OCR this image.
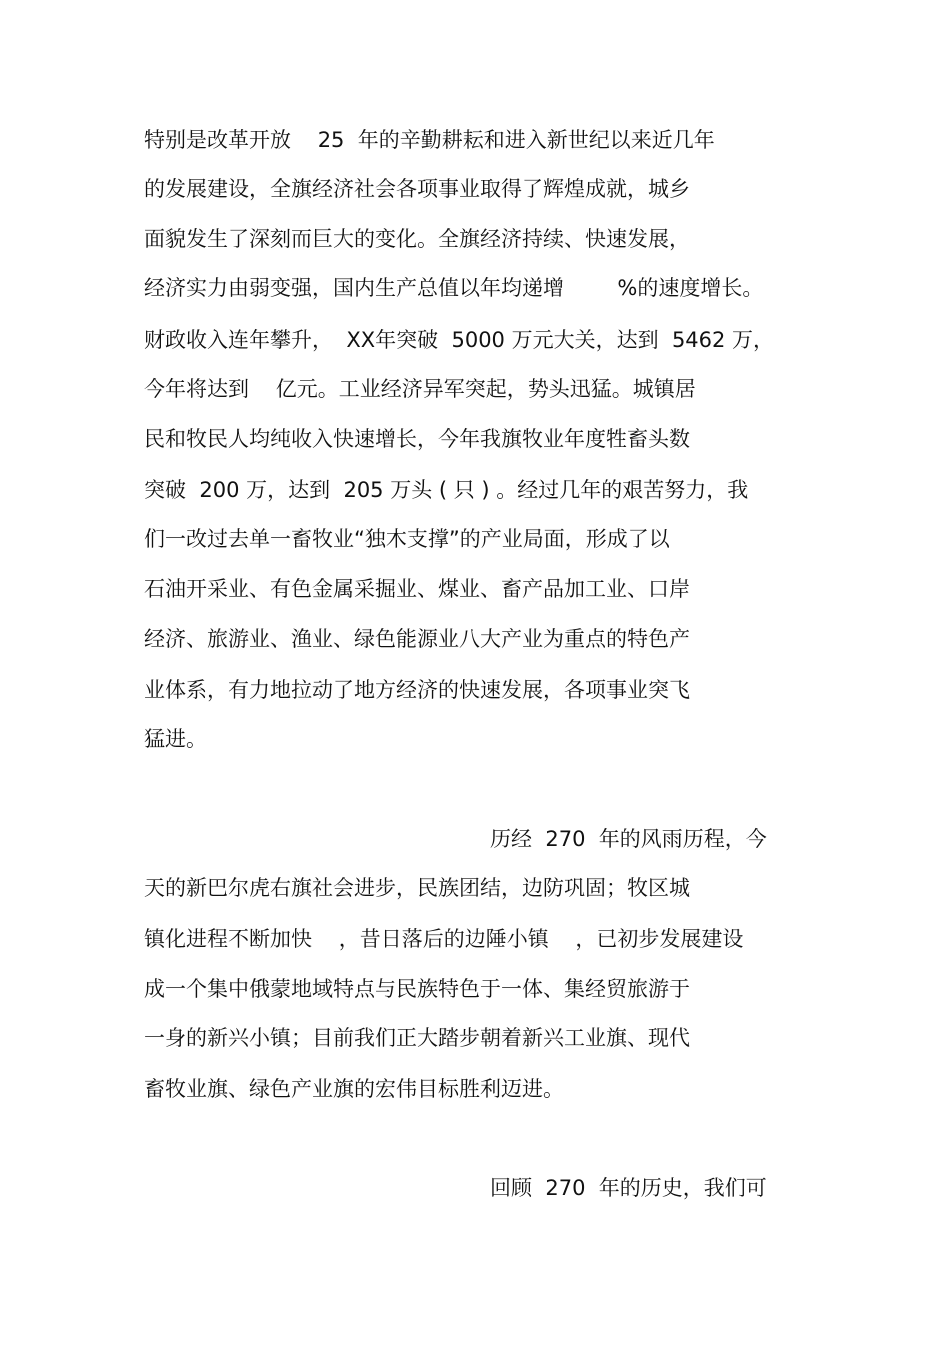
特别是改革开放    25  年的辛勤耕耘和进入新世纪以来近几年
的发展建设，全旗经济社会各项事业取得了辉煌成就，城乡
面貌发生了深刻而巨大的变化。全旗经济持续、快速发展，
经济实力由弱变强，国内生产总值以年均递增        %的速度增长。
财政收入连年攀升，  XX年突破  5000 万元大关，达到  5462 万，
今年将达到    亿元。工业经济异军突起，势头迅猛。城镇居
民和牧民人均纯收入快速增长，今年我旗牧业年度牲畜头数
突破  200 万，达到  205 万头 ( 只 ) 。经过几年的艰苦努力，我
们一改过去单一畜牧业“独木支撑”的产业局面，形成了以
石油开采业、有色金属采掘业、煤业、畜产品加工业、口岸
经济、旅游业、渔业、绿色能源业八大产业为重点的特色产
业体系，有力地拉动了地方经济的快速发展，各项事业突飞
猛进。
历经  270  年的风雨历程，今
天的新巴尔虎右旗社会进步，民族团结，边防巩固；牧区城
镇化进程不断加快    ，昔日落后的边陲小镇    ，已初步发展建设
成一个集中俄蒙地域特点与民族特色于一体、集经贸旅游于
一身的新兴小镇；目前我们正大踏步朝着新兴工业旗、现代
畜牧业旗、绿色产业旗的宏伟目标胜利迈进。
回顾  270  年的历史，我们可
